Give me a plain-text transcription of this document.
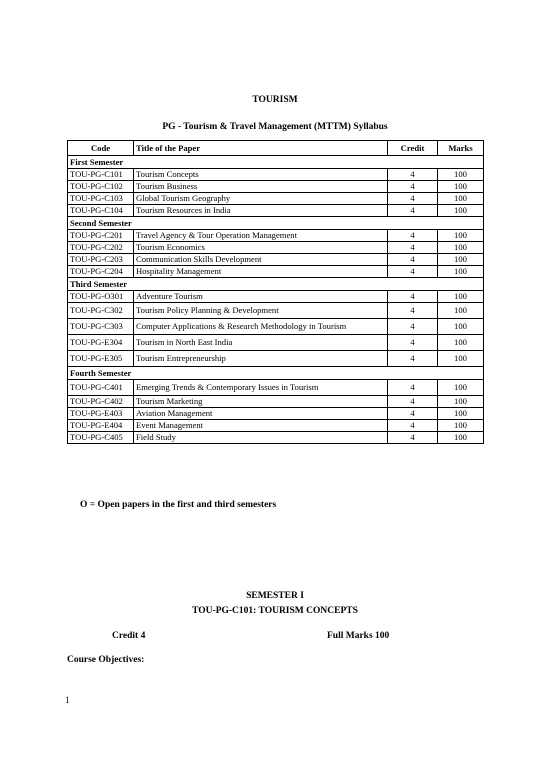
TOURISM
PG - Tourism & Travel Management (MTTM) Syllabus
Code	Title of the Paper	Credit	Marks
First Semester			
TOU-PG-C101	Tourism Concepts	4	100
TOU-PG-C102	Tourism Business	4	100
TOU-PG-C103	Global Tourism Geography	4	100
TOU-PG-C104	Tourism Resources in India	4	100
Second Semester			
TOU-PG-C201	Travel Agency & Tour Operation Management	4	100
TOU-PG-C202	Tourism Economics	4	100
TOU-PG-C203	Communication Skills Development	4	100
TOU-PG-C204	Hospitality Management	4	100
Third Semester			
TOU-PG-O301	Adventure Tourism	4	100
TOU-PG-C302	Tourism Policy Planning & Development	4	100
TOU-PG-C303	Computer Applications & Research Methodology in Tourism	4	100
TOU-PG-E304	Tourism in North East India	4	100
TOU-PG-E305	Tourism Entrepreneurship	4	100
Fourth Semester			
TOU-PG-C401	Emerging Trends & Contemporary Issues in Tourism	4	100
TOU-PG-C402	Tourism Marketing	4	100
TOU-PG-E403	Aviation Management	4	100
TOU-PG-E404	Event Management	4	100
TOU-PG-C405	Field Study	4	100
O = Open papers in the first and third semesters
SEMESTER I
TOU-PG-C101: TOURISM CONCEPTS
Credit 4	Full Marks 100
Course Objectives:
1
